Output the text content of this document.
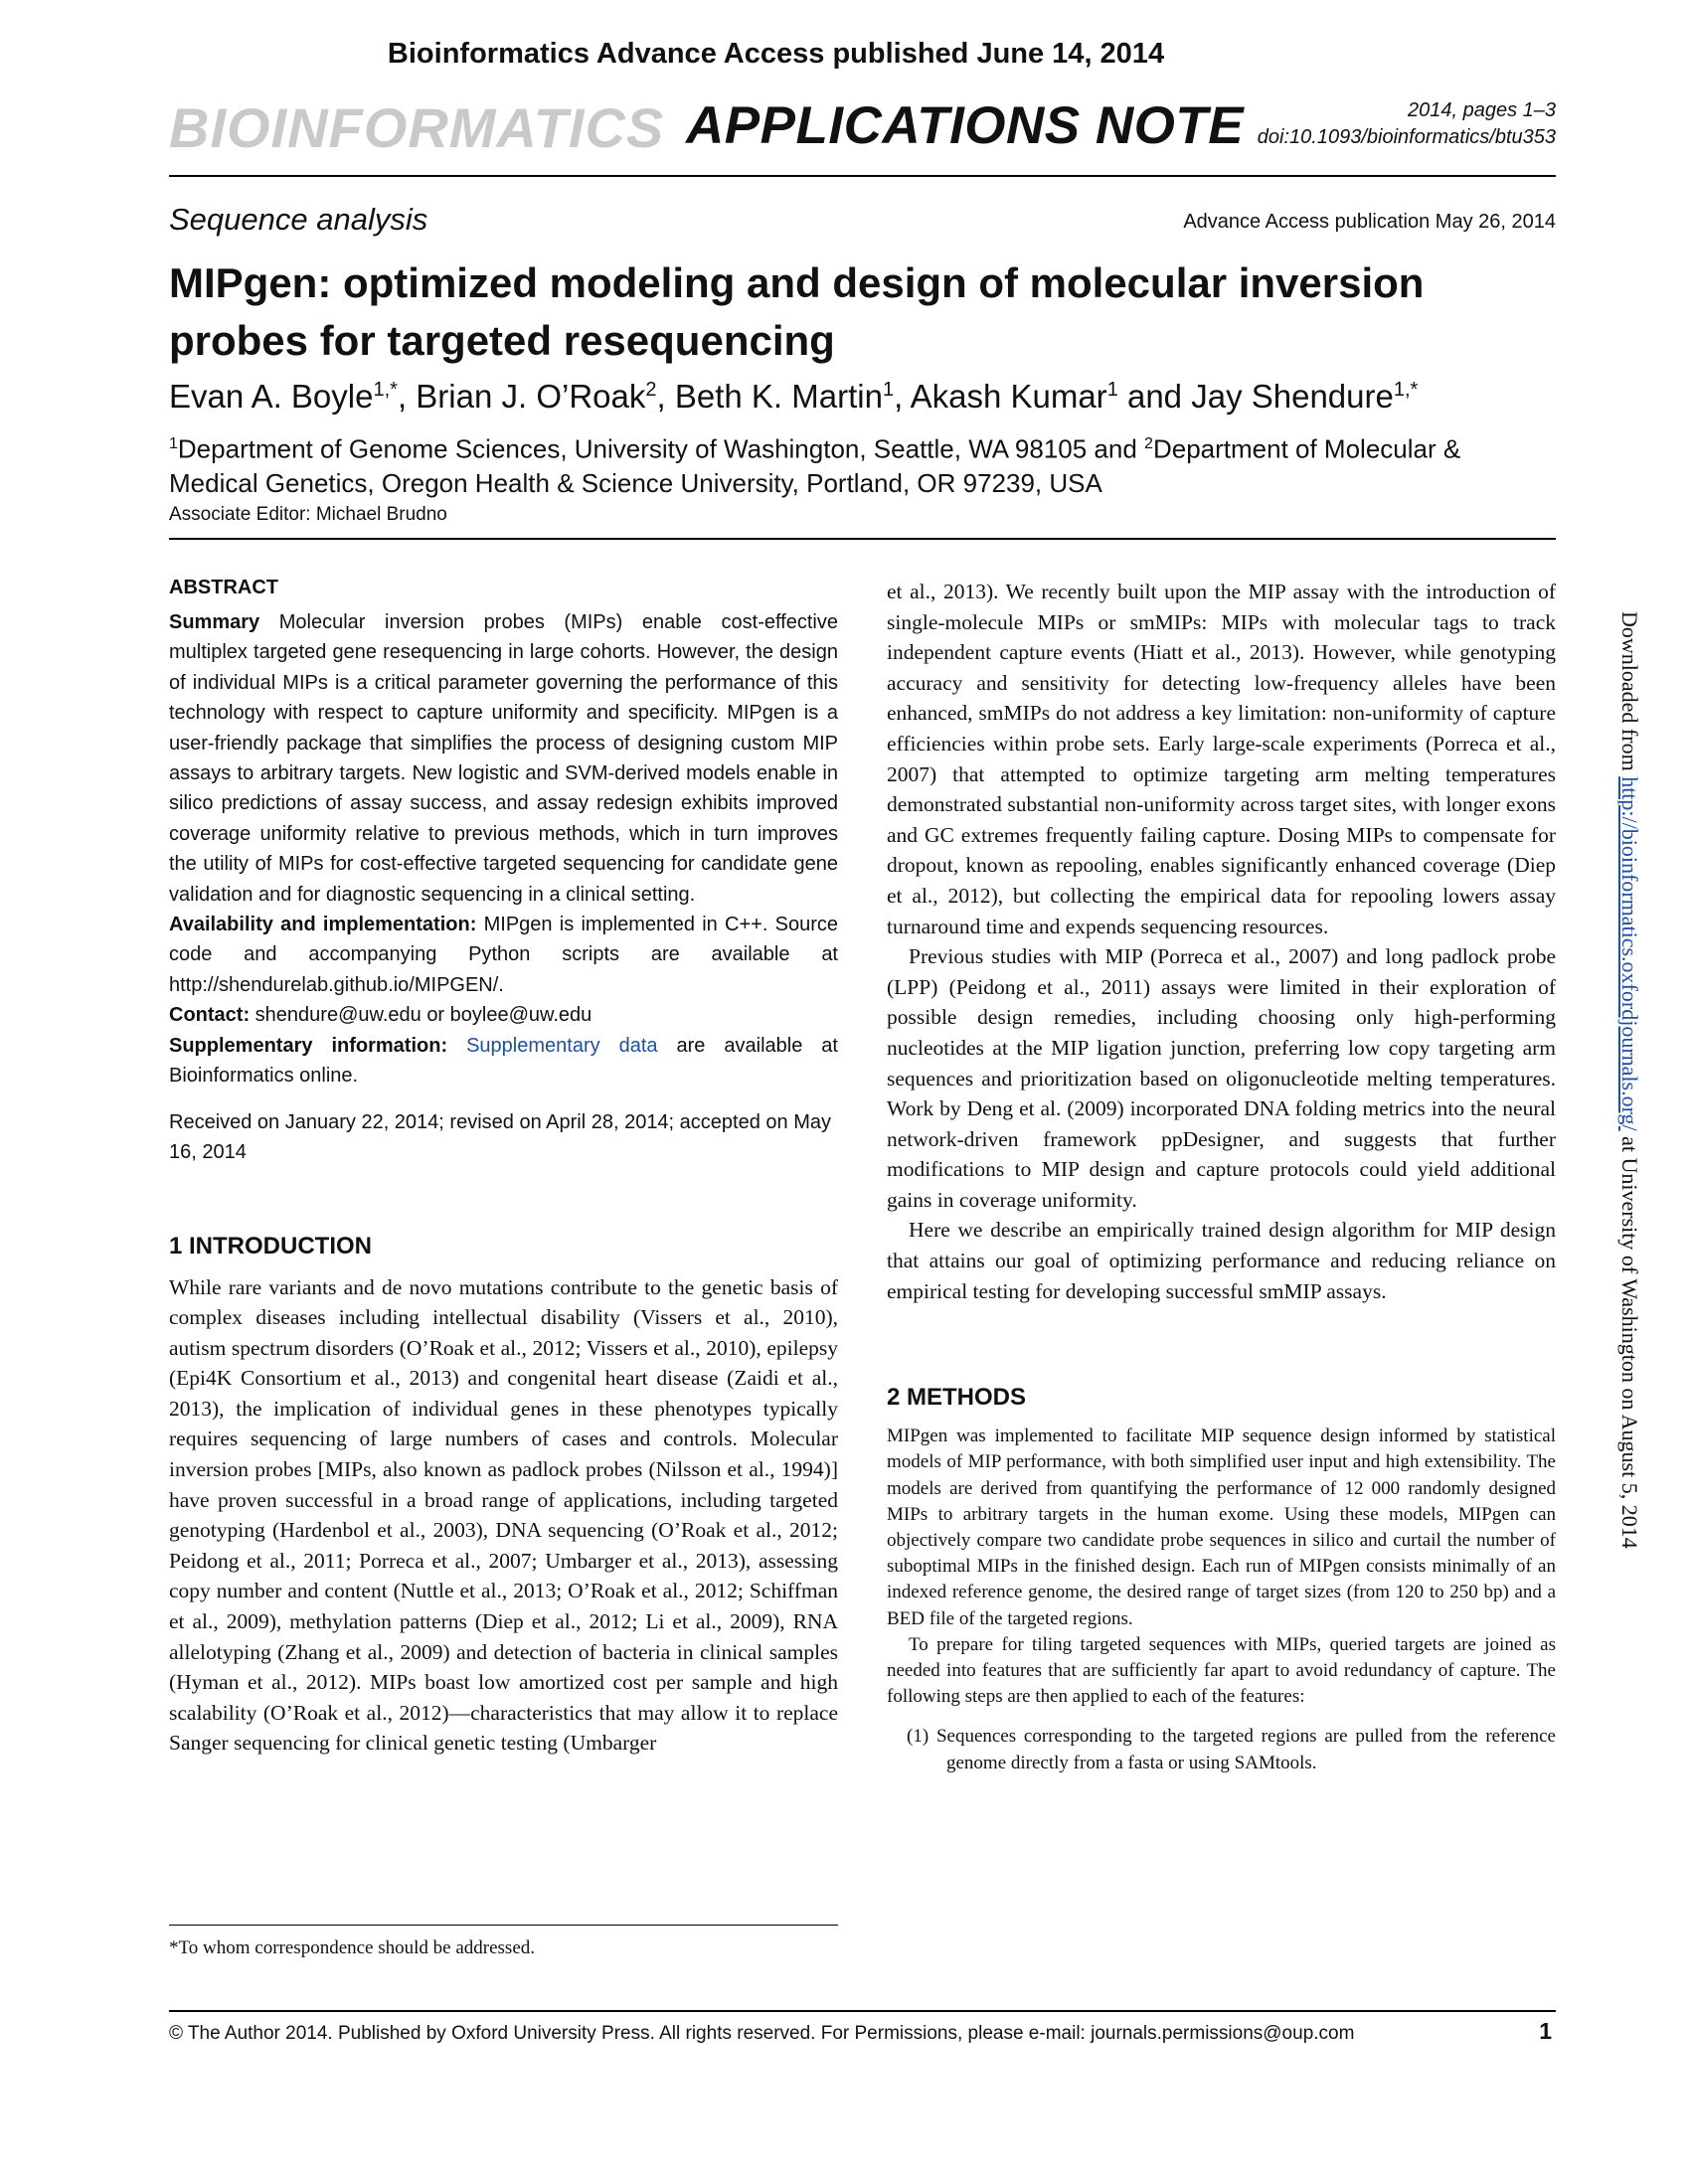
Bioinformatics Advance Access published June 14, 2014
BIOINFORMATICS APPLICATIONS NOTE	2014, pages 1–3
doi:10.1093/bioinformatics/btu353
Sequence analysis	Advance Access publication May 26, 2014
MIPgen: optimized modeling and design of molecular inversion probes for targeted resequencing
Evan A. Boyle$^{1,*}$, Brian J. O’Roak$^2$, Beth K. Martin$^1$, Akash Kumar$^1$ and Jay Shendure$^{1,*}$
$^1$Department of Genome Sciences, University of Washington, Seattle, WA 98105 and $^2$Department of Molecular & Medical Genetics, Oregon Health & Science University, Portland, OR 97239, USA
Associate Editor: Michael Brudno
ABSTRACT

Summary Molecular inversion probes (MIPs) enable cost-effective multiplex targeted gene resequencing in large cohorts. However, the design of individual MIPs is a critical parameter governing the performance of this technology with respect to capture uniformity and specificity. MIPgen is a user-friendly package that simplifies the process of designing custom MIP assays to arbitrary targets. New logistic and SVM-derived models enable in silico predictions of assay success, and assay redesign exhibits improved coverage uniformity relative to previous methods, which in turn improves the utility of MIPs for cost-effective targeted sequencing for candidate gene validation and for diagnostic sequencing in a clinical setting.

Availability and implementation: MIPgen is implemented in C++. Source code and accompanying Python scripts are available at http://shendurelab.github.io/MIPGEN/.

Contact: shendure@uw.edu or boylee@uw.edu

Supplementary information: Supplementary data are available at Bioinformatics online.

Received on January 22, 2014; revised on April 28, 2014; accepted on May 16, 2014

1 INTRODUCTION

While rare variants and de novo mutations contribute to the genetic basis of complex diseases including intellectual disability (Vissers et al., 2010), autism spectrum disorders (O’Roak et al., 2012; Vissers et al., 2010), epilepsy (Epi4K Consortium et al., 2013) and congenital heart disease (Zaidi et al., 2013), the implication of individual genes in these phenotypes typically requires sequencing of large numbers of cases and controls. Molecular inversion probes [MIPs, also known as padlock probes (Nilsson et al., 1994)] have proven successful in a broad range of applications, including targeted genotyping (Hardenbol et al., 2003), DNA sequencing (O’Roak et al., 2012; Peidong et al., 2011; Porreca et al., 2007; Umbarger et al., 2013), assessing copy number and content (Nuttle et al., 2013; O’Roak et al., 2012; Schiffman et al., 2009), methylation patterns (Diep et al., 2012; Li et al., 2009), RNA allelotyping (Zhang et al., 2009) and detection of bacteria in clinical samples (Hyman et al., 2012). MIPs boast low amortized cost per sample and high scalability (O’Roak et al., 2012)—characteristics that may allow it to replace Sanger sequencing for clinical genetic testing (Umbarger

et al., 2013). We recently built upon the MIP assay with the introduction of single-molecule MIPs or smMIPs: MIPs with molecular tags to track independent capture events (Hiatt et al., 2013). However, while genotyping accuracy and sensitivity for detecting low-frequency alleles have been enhanced, smMIPs do not address a key limitation: non-uniformity of capture efficiencies within probe sets. Early large-scale experiments (Porreca et al., 2007) that attempted to optimize targeting arm melting temperatures demonstrated substantial non-uniformity across target sites, with longer exons and GC extremes frequently failing capture. Dosing MIPs to compensate for dropout, known as repooling, enables significantly enhanced coverage (Diep et al., 2012), but collecting the empirical data for repooling lowers assay turnaround time and expends sequencing resources.

Previous studies with MIP (Porreca et al., 2007) and long padlock probe (LPP) (Peidong et al., 2011) assays were limited in their exploration of possible design remedies, including choosing only high-performing nucleotides at the MIP ligation junction, preferring low copy targeting arm sequences and prioritization based on oligonucleotide melting temperatures. Work by Deng et al. (2009) incorporated DNA folding metrics into the neural network-driven framework ppDesigner, and suggests that further modifications to MIP design and capture protocols could yield additional gains in coverage uniformity.

Here we describe an empirically trained design algorithm for MIP design that attains our goal of optimizing performance and reducing reliance on empirical testing for developing successful smMIP assays.

2 METHODS

MIPgen was implemented to facilitate MIP sequence design informed by statistical models of MIP performance, with both simplified user input and high extensibility. The models are derived from quantifying the performance of 12 000 randomly designed MIPs to arbitrary targets in the human exome. Using these models, MIPgen can objectively compare two candidate probe sequences in silico and curtail the number of suboptimal MIPs in the finished design. Each run of MIPgen consists minimally of an indexed reference genome, the desired range of target sizes (from 120 to 250 bp) and a BED file of the targeted regions.

To prepare for tiling targeted sequences with MIPs, queried targets are joined as needed into features that are sufficiently far apart to avoid redundancy of capture. The following steps are then applied to each of the features:

(1) Sequences corresponding to the targeted regions are pulled from the reference genome directly from a fasta or using SAMtools.

*To whom correspondence should be addressed.
© The Author 2014. Published by Oxford University Press. All rights reserved. For Permissions, please e-mail: journals.permissions@oup.com	1
Downloaded from http://bioinformatics.oxfordjournals.org/ at University of Washington on August 5, 2014
